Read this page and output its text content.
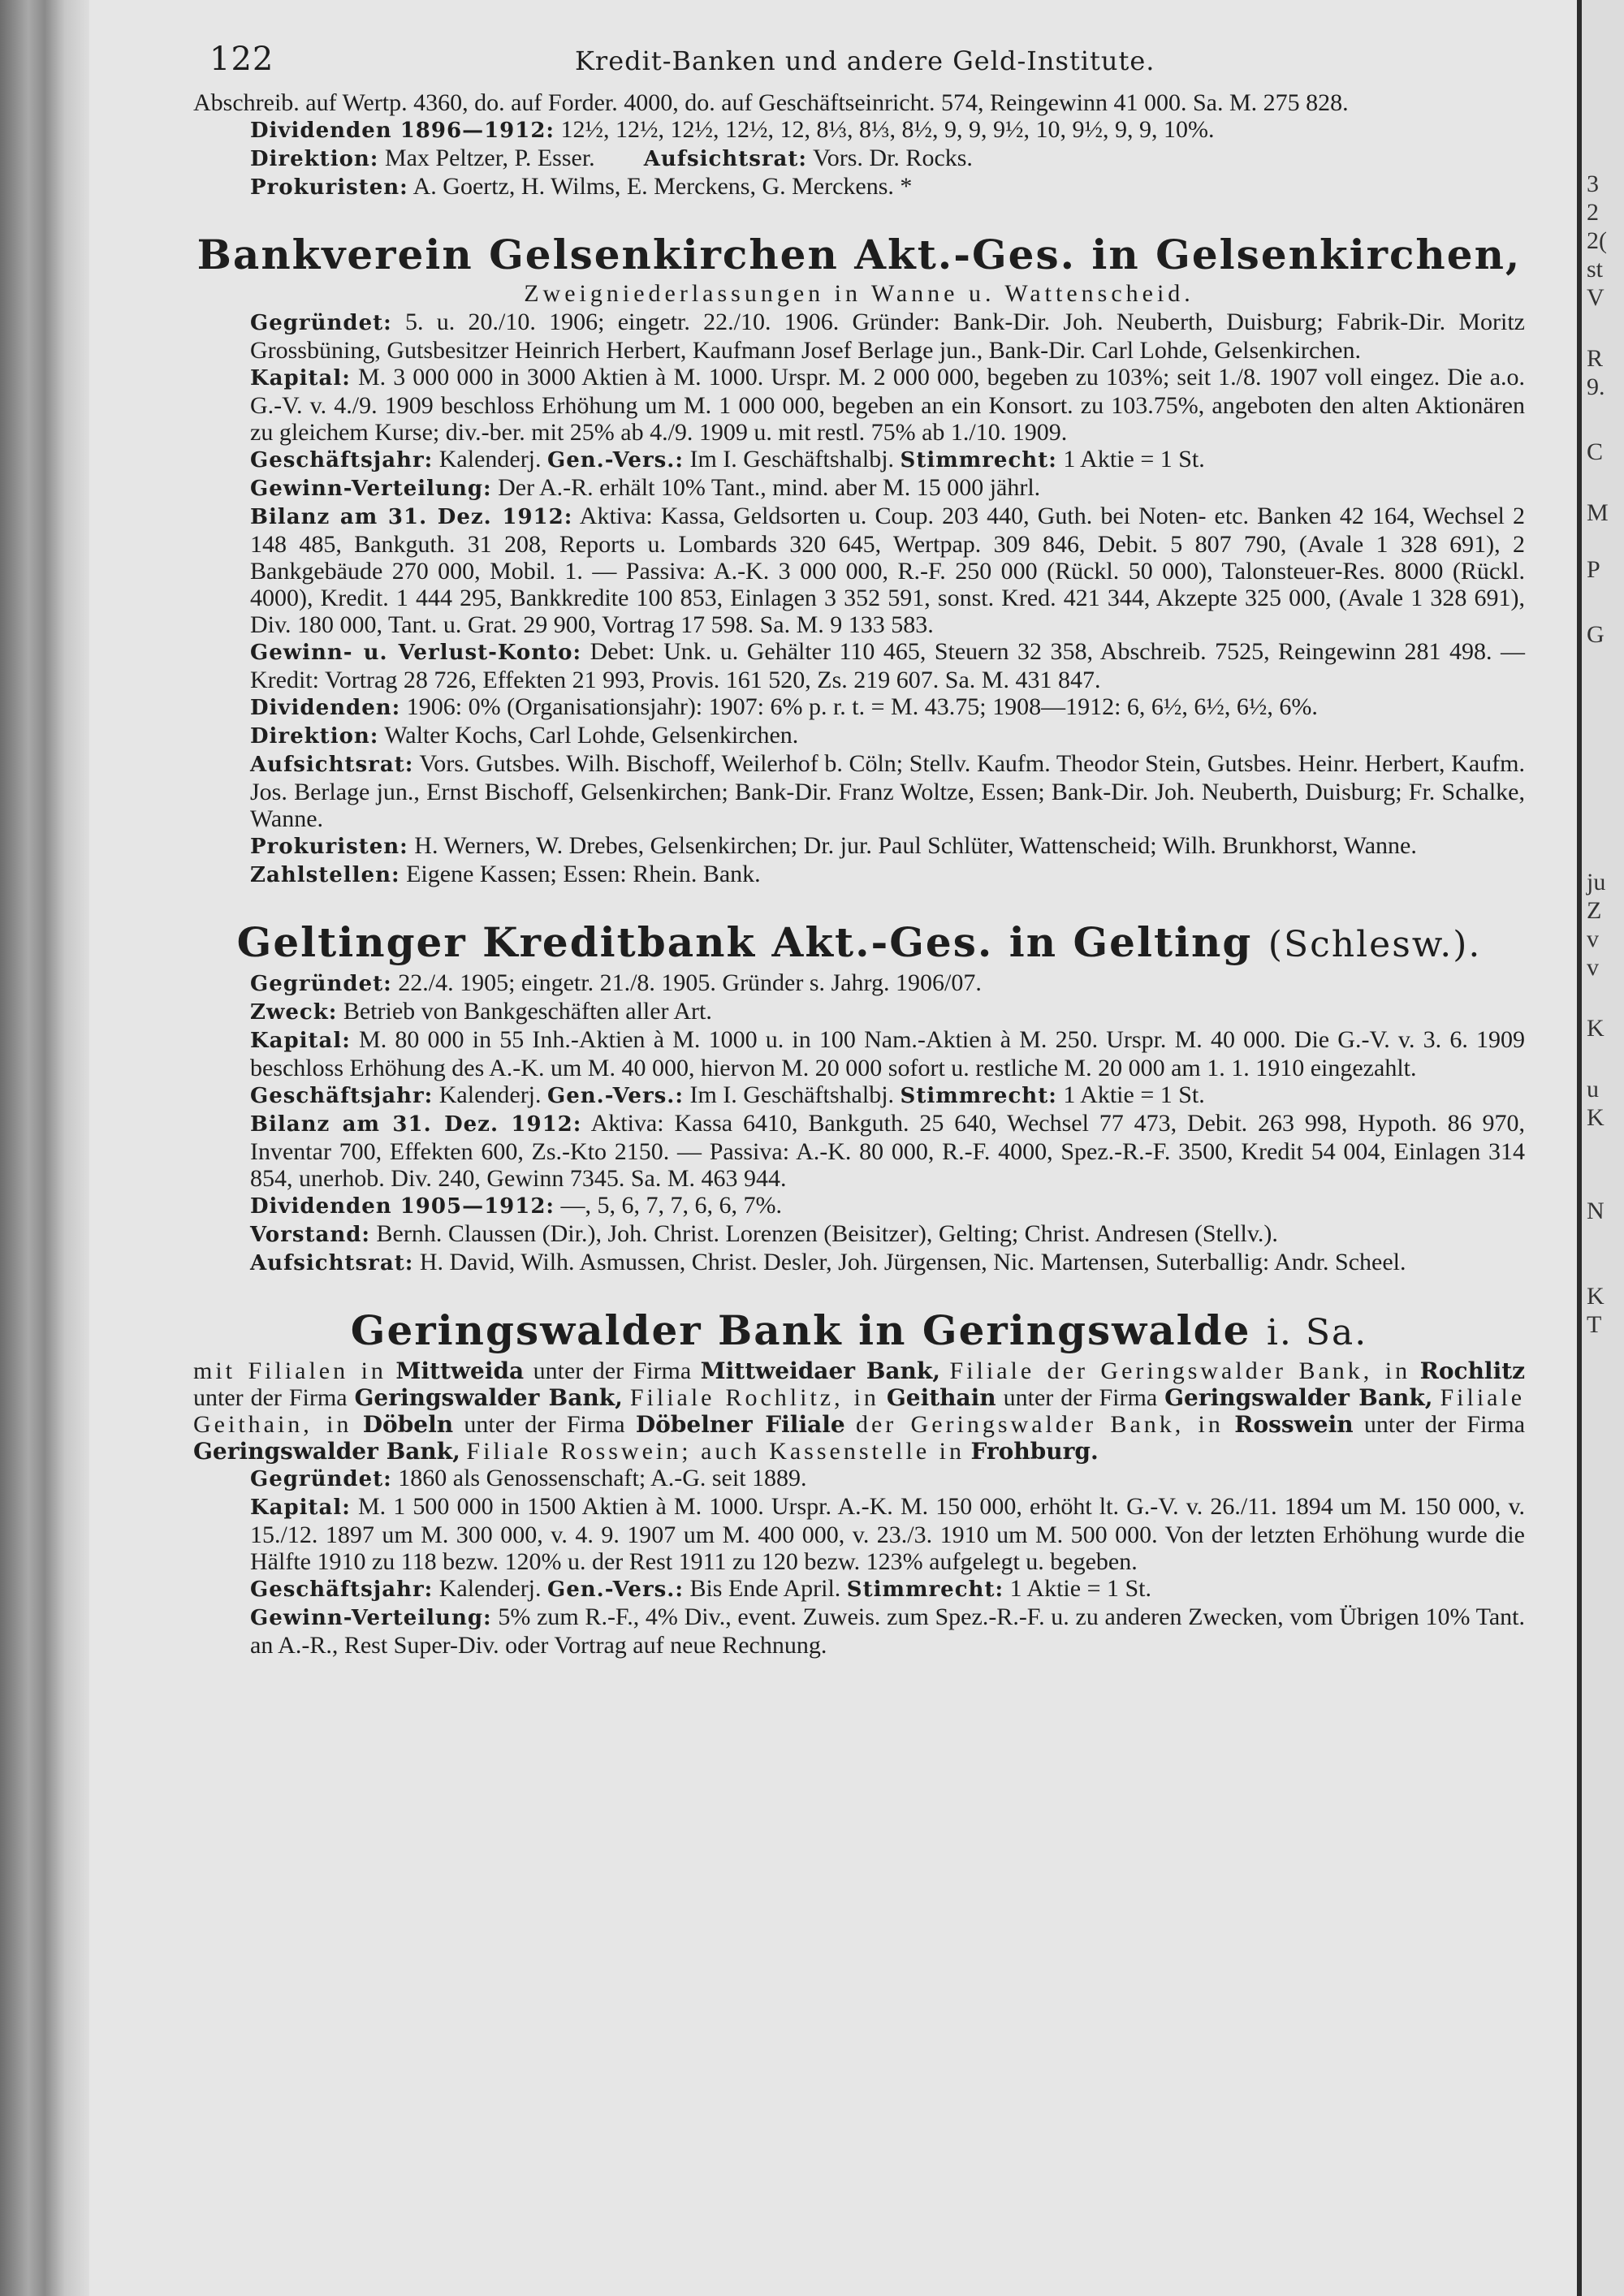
3
2
2(
st
V
R
9.
C
M
P
G
ju
Z
v
v
K
u
K
N
K
T
122	Kredit-Banken und andere Geld-Institute.

Abschreib. auf Wertp. 4360, do. auf Forder. 4000, do. auf Geschäftseinricht. 574, Reingewinn 41 000. Sa. M. 275 828.

Dividenden 1896—1912: 12½, 12½, 12½, 12½, 12, 8⅓, 8⅓, 8½, 9, 9, 9½, 10, 9½, 9, 9, 10%.

Direktion: Max Peltzer, P. Esser. Aufsichtsrat: Vors. Dr. Rocks.

Prokuristen: A. Goertz, H. Wilms, E. Merckens, G. Merckens. *

Bankverein Gelsenkirchen Akt.-Ges. in Gelsenkirchen,

Zweigniederlassungen in Wanne u. Wattenscheid.

Gegründet: 5. u. 20./10. 1906; eingetr. 22./10. 1906. Gründer: Bank-Dir. Joh. Neuberth, Duisburg; Fabrik-Dir. Moritz Grossbüning, Gutsbesitzer Heinrich Herbert, Kaufmann Josef Berlage jun., Bank-Dir. Carl Lohde, Gelsenkirchen.

Kapital: M. 3 000 000 in 3000 Aktien à M. 1000. Urspr. M. 2 000 000, begeben zu 103%; seit 1./8. 1907 voll eingez. Die a.o. G.-V. v. 4./9. 1909 beschloss Erhöhung um M. 1 000 000, begeben an ein Konsort. zu 103.75%, angeboten den alten Aktionären zu gleichem Kurse; div.-ber. mit 25% ab 4./9. 1909 u. mit restl. 75% ab 1./10. 1909.

Geschäftsjahr: Kalenderj. Gen.-Vers.: Im I. Geschäftshalbj. Stimmrecht: 1 Aktie = 1 St.

Gewinn-Verteilung: Der A.-R. erhält 10% Tant., mind. aber M. 15 000 jährl.

Bilanz am 31. Dez. 1912: Aktiva: Kassa, Geldsorten u. Coup. 203 440, Guth. bei Noten- etc. Banken 42 164, Wechsel 2 148 485, Bankguth. 31 208, Reports u. Lombards 320 645, Wertpap. 309 846, Debit. 5 807 790, (Avale 1 328 691), 2 Bankgebäude 270 000, Mobil. 1. — Passiva: A.-K. 3 000 000, R.-F. 250 000 (Rückl. 50 000), Talonsteuer-Res. 8000 (Rückl. 4000), Kredit. 1 444 295, Bankkredite 100 853, Einlagen 3 352 591, sonst. Kred. 421 344, Akzepte 325 000, (Avale 1 328 691), Div. 180 000, Tant. u. Grat. 29 900, Vortrag 17 598. Sa. M. 9 133 583.

Gewinn- u. Verlust-Konto: Debet: Unk. u. Gehälter 110 465, Steuern 32 358, Abschreib. 7525, Reingewinn 281 498. — Kredit: Vortrag 28 726, Effekten 21 993, Provis. 161 520, Zs. 219 607. Sa. M. 431 847.

Dividenden: 1906: 0% (Organisationsjahr): 1907: 6% p. r. t. = M. 43.75; 1908—1912: 6, 6½, 6½, 6½, 6%.

Direktion: Walter Kochs, Carl Lohde, Gelsenkirchen.

Aufsichtsrat: Vors. Gutsbes. Wilh. Bischoff, Weilerhof b. Cöln; Stellv. Kaufm. Theodor Stein, Gutsbes. Heinr. Herbert, Kaufm. Jos. Berlage jun., Ernst Bischoff, Gelsenkirchen; Bank-Dir. Franz Woltze, Essen; Bank-Dir. Joh. Neuberth, Duisburg; Fr. Schalke, Wanne.

Prokuristen: H. Werners, W. Drebes, Gelsenkirchen; Dr. jur. Paul Schlüter, Wattenscheid; Wilh. Brunkhorst, Wanne.

Zahlstellen: Eigene Kassen; Essen: Rhein. Bank.

Geltinger Kreditbank Akt.-Ges. in Gelting (Schlesw.).

Gegründet: 22./4. 1905; eingetr. 21./8. 1905. Gründer s. Jahrg. 1906/07.

Zweck: Betrieb von Bankgeschäften aller Art.

Kapital: M. 80 000 in 55 Inh.-Aktien à M. 1000 u. in 100 Nam.-Aktien à M. 250. Urspr. M. 40 000. Die G.-V. v. 3. 6. 1909 beschloss Erhöhung des A.-K. um M. 40 000, hiervon M. 20 000 sofort u. restliche M. 20 000 am 1. 1. 1910 eingezahlt.

Geschäftsjahr: Kalenderj. Gen.-Vers.: Im I. Geschäftshalbj. Stimmrecht: 1 Aktie = 1 St.

Bilanz am 31. Dez. 1912: Aktiva: Kassa 6410, Bankguth. 25 640, Wechsel 77 473, Debit. 263 998, Hypoth. 86 970, Inventar 700, Effekten 600, Zs.-Kto 2150. — Passiva: A.-K. 80 000, R.-F. 4000, Spez.-R.-F. 3500, Kredit 54 004, Einlagen 314 854, unerhob. Div. 240, Gewinn 7345. Sa. M. 463 944.

Dividenden 1905—1912: —, 5, 6, 7, 7, 6, 6, 7%.

Vorstand: Bernh. Claussen (Dir.), Joh. Christ. Lorenzen (Beisitzer), Gelting; Christ. Andresen (Stellv.).

Aufsichtsrat: H. David, Wilh. Asmussen, Christ. Desler, Joh. Jürgensen, Nic. Martensen, Suterballig: Andr. Scheel.

Geringswalder Bank in Geringswalde i. Sa.

mit Filialen in Mittweida unter der Firma Mittweidaer Bank, Filiale der Geringswalder Bank, in Rochlitz unter der Firma Geringswalder Bank, Filiale Rochlitz, in Geithain unter der Firma Geringswalder Bank, Filiale Geithain, in Döbeln unter der Firma Döbelner Filiale der Geringswalder Bank, in Rosswein unter der Firma Geringswalder Bank, Filiale Rosswein; auch Kassenstelle in Frohburg.

Gegründet: 1860 als Genossenschaft; A.-G. seit 1889.

Kapital: M. 1 500 000 in 1500 Aktien à M. 1000. Urspr. A.-K. M. 150 000, erhöht lt. G.-V. v. 26./11. 1894 um M. 150 000, v. 15./12. 1897 um M. 300 000, v. 4. 9. 1907 um M. 400 000, v. 23./3. 1910 um M. 500 000. Von der letzten Erhöhung wurde die Hälfte 1910 zu 118 bezw. 120% u. der Rest 1911 zu 120 bezw. 123% aufgelegt u. begeben.

Geschäftsjahr: Kalenderj. Gen.-Vers.: Bis Ende April. Stimmrecht: 1 Aktie = 1 St.

Gewinn-Verteilung: 5% zum R.-F., 4% Div., event. Zuweis. zum Spez.-R.-F. u. zu anderen Zwecken, vom Übrigen 10% Tant. an A.-R., Rest Super-Div. oder Vortrag auf neue Rechnung.
